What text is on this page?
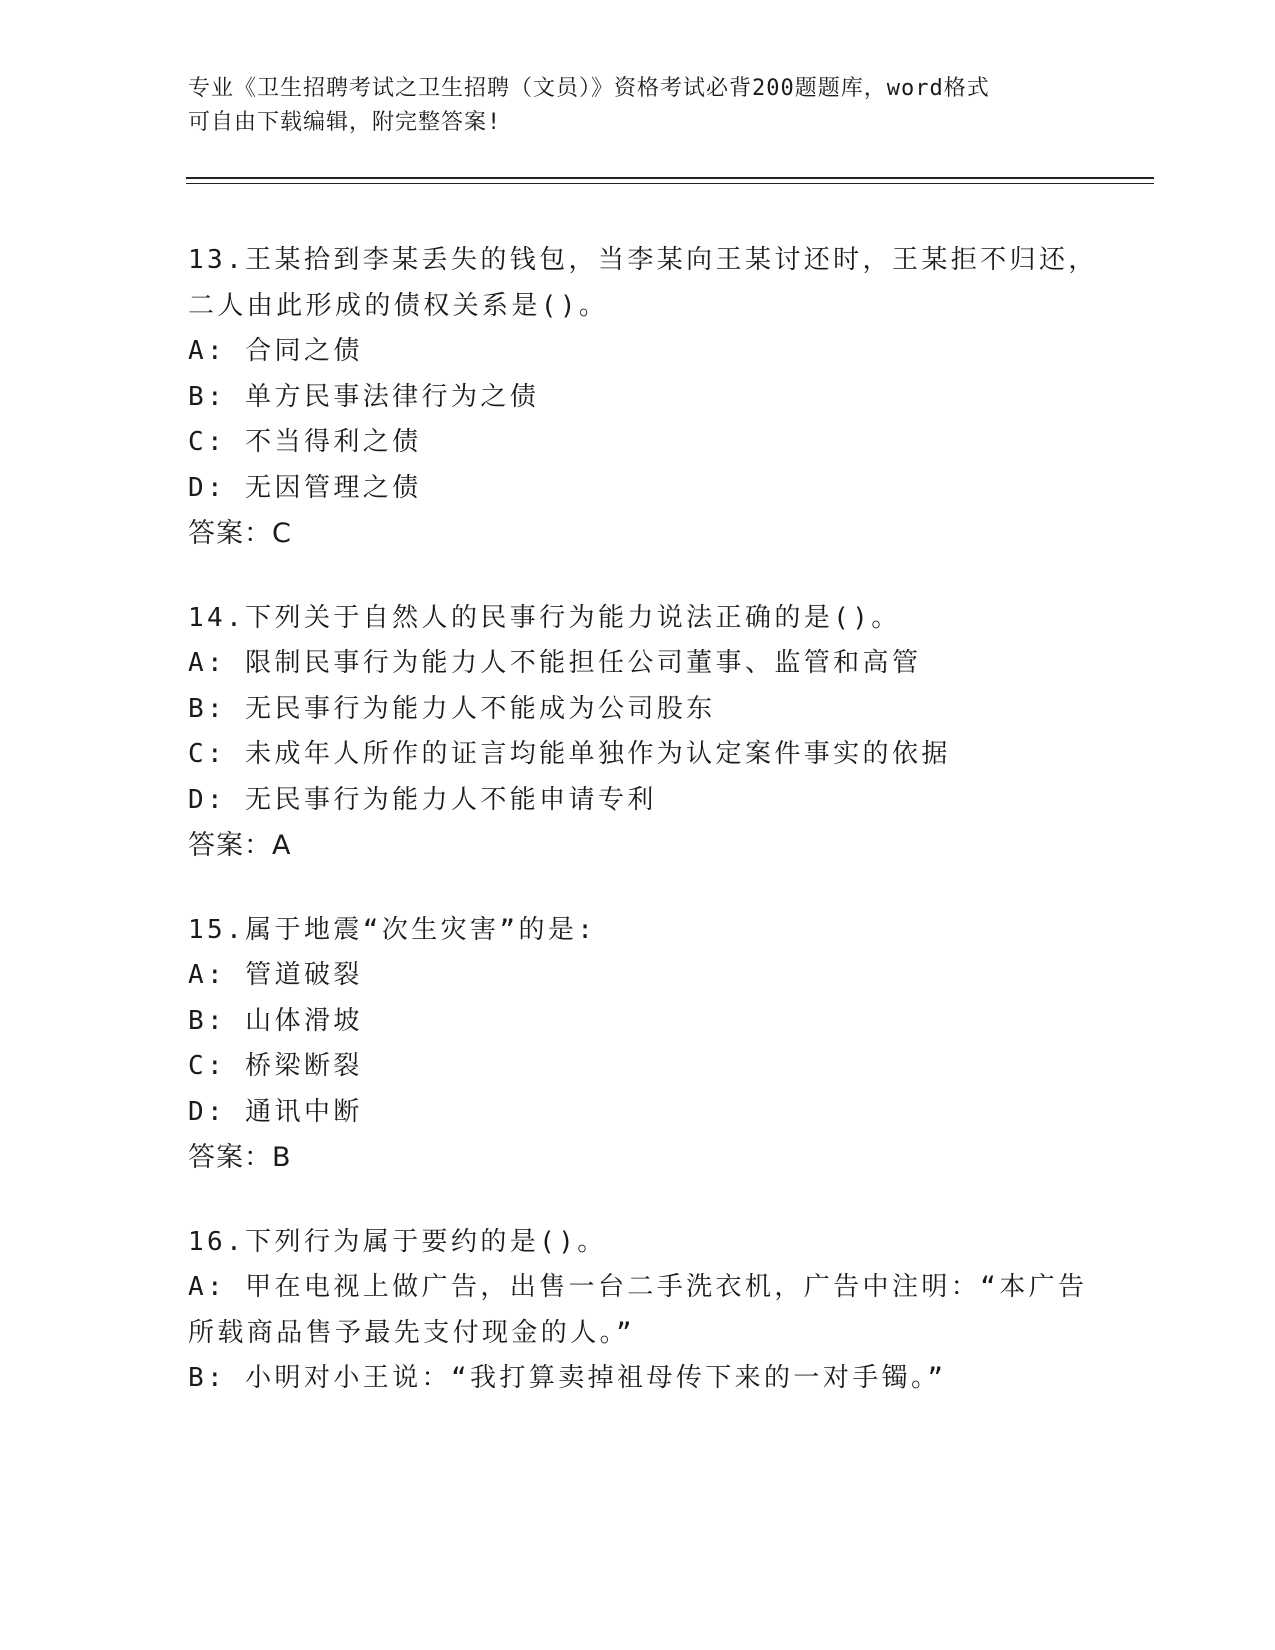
专业《卫生招聘考试之卫生招聘（文员）》资格考试必背200题题库，word格式
可自由下载编辑，附完整答案!
13.王某拾到李某丢失的钱包，当李某向王某讨还时，王某拒不归还，
二人由此形成的债权关系是()。
A: 合同之债
B: 单方民事法律行为之债
C: 不当得利之债
D: 无因管理之债
答案：C
14.下列关于自然人的民事行为能力说法正确的是()。
A: 限制民事行为能力人不能担任公司董事、监管和高管
B: 无民事行为能力人不能成为公司股东
C: 未成年人所作的证言均能单独作为认定案件事实的依据
D: 无民事行为能力人不能申请专利
答案：A
15.属于地震“次生灾害”的是:
A: 管道破裂
B: 山体滑坡
C: 桥梁断裂
D: 通讯中断
答案：B
16.下列行为属于要约的是()。
A: 甲在电视上做广告，出售一台二手洗衣机，广告中注明：“本广告
所载商品售予最先支付现金的人。”
B: 小明对小王说：“我打算卖掉祖母传下来的一对手镯。”
